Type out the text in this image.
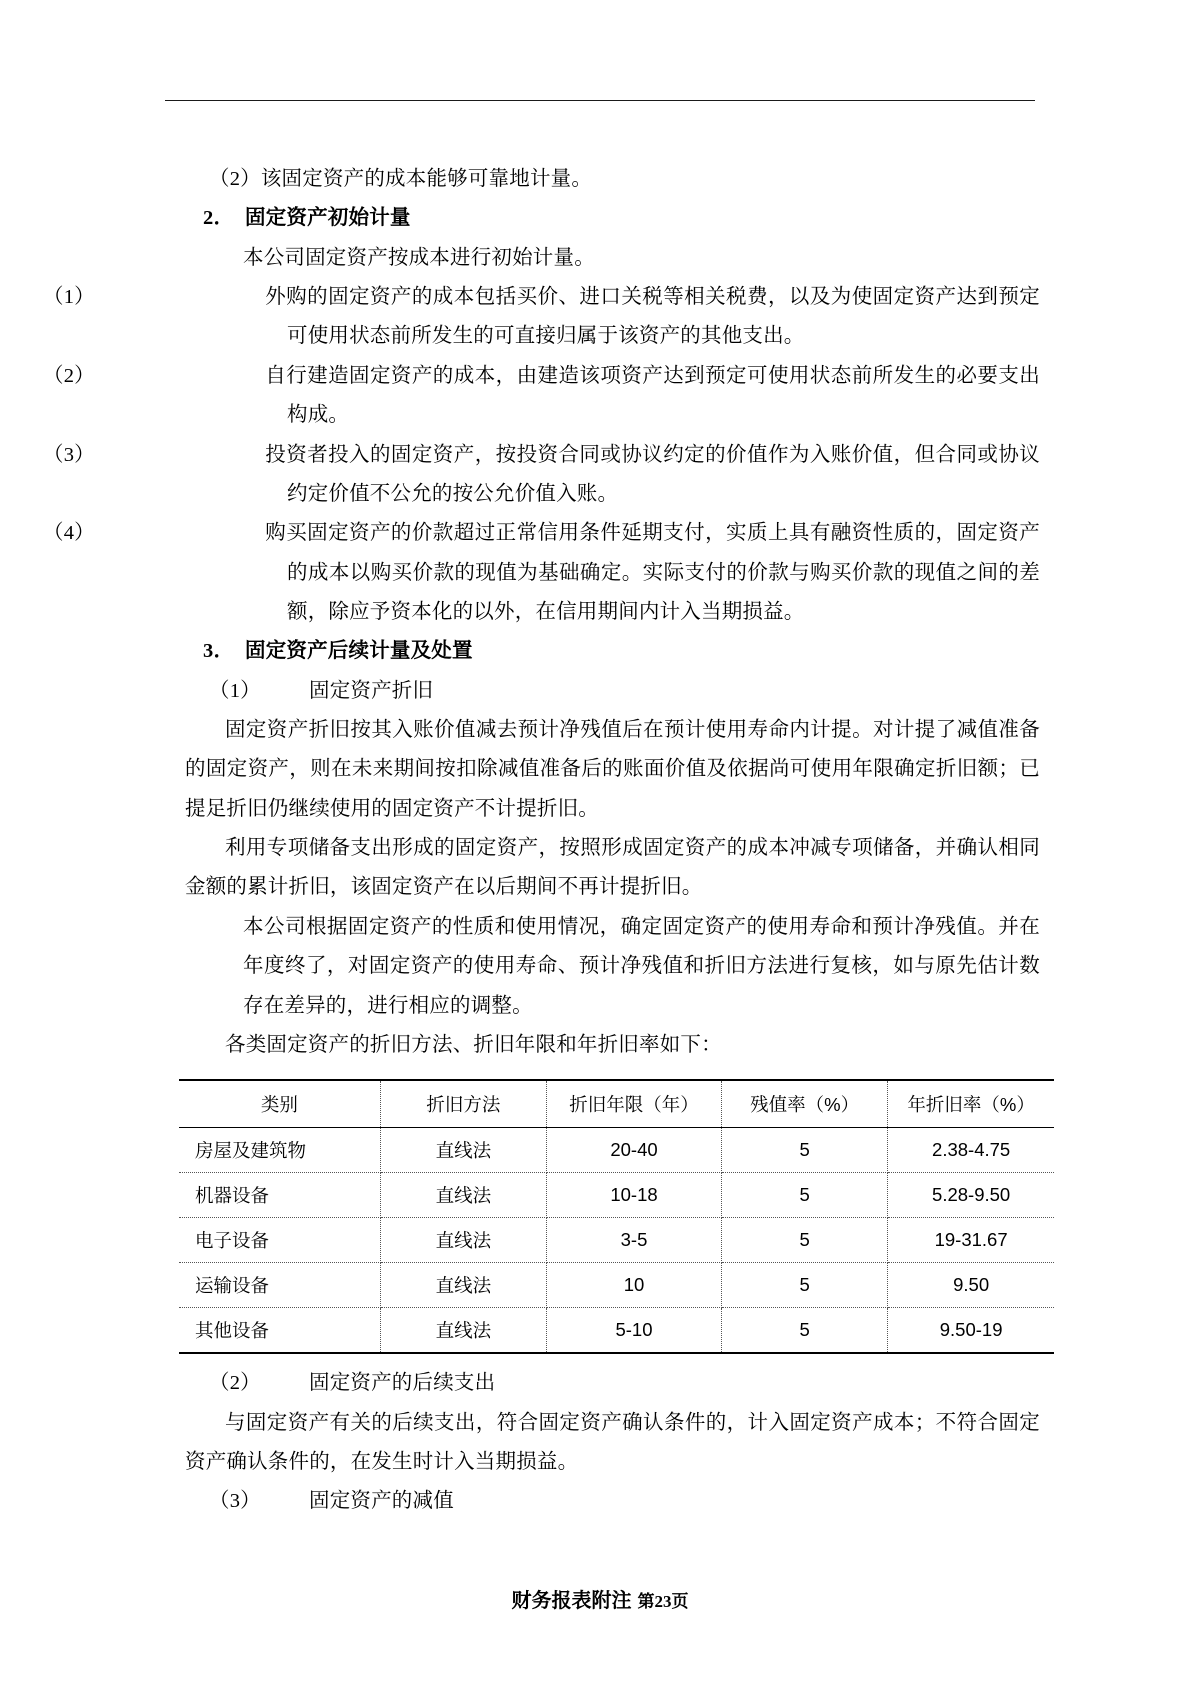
（2）该固定资产的成本能够可靠地计量。

2． 固定资产初始计量

本公司固定资产按成本进行初始计量。

（1）	外购的固定资产的成本包括买价、进口关税等相关税费，以及为使固定资产达到预定可使用状态前所发生的可直接归属于该资产的其他支出。

（2）	自行建造固定资产的成本，由建造该项资产达到预定可使用状态前所发生的必要支出构成。

（3）	投资者投入的固定资产，按投资合同或协议约定的价值作为入账价值，但合同或协议约定价值不公允的按公允价值入账。

（4）	购买固定资产的价款超过正常信用条件延期支付，实质上具有融资性质的，固定资产的成本以购买价款的现值为基础确定。实际支付的价款与购买价款的现值之间的差额，除应予资本化的以外，在信用期间内计入当期损益。

3． 固定资产后续计量及处置

（1） 固定资产折旧

固定资产折旧按其入账价值减去预计净残值后在预计使用寿命内计提。对计提了减值准备的固定资产，则在未来期间按扣除减值准备后的账面价值及依据尚可使用年限确定折旧额；已提足折旧仍继续使用的固定资产不计提折旧。

利用专项储备支出形成的固定资产，按照形成固定资产的成本冲减专项储备，并确认相同金额的累计折旧，该固定资产在以后期间不再计提折旧。

本公司根据固定资产的性质和使用情况，确定固定资产的使用寿命和预计净残值。并在年度终了，对固定资产的使用寿命、预计净残值和折旧方法进行复核，如与原先估计数存在差异的，进行相应的调整。

各类固定资产的折旧方法、折旧年限和年折旧率如下：

类别	折旧方法	折旧年限（年）	残值率（%）	年折旧率（%）
房屋及建筑物	直线法	20-40	5	2.38-4.75
机器设备	直线法	10-18	5	5.28-9.50
电子设备	直线法	3-5	5	19-31.67
运输设备	直线法	10	5	9.50
其他设备	直线法	5-10	5	9.50-19

（2） 固定资产的后续支出

与固定资产有关的后续支出，符合固定资产确认条件的，计入固定资产成本；不符合固定资产确认条件的，在发生时计入当期损益。

（3） 固定资产的减值

财务报表附注 第23页
